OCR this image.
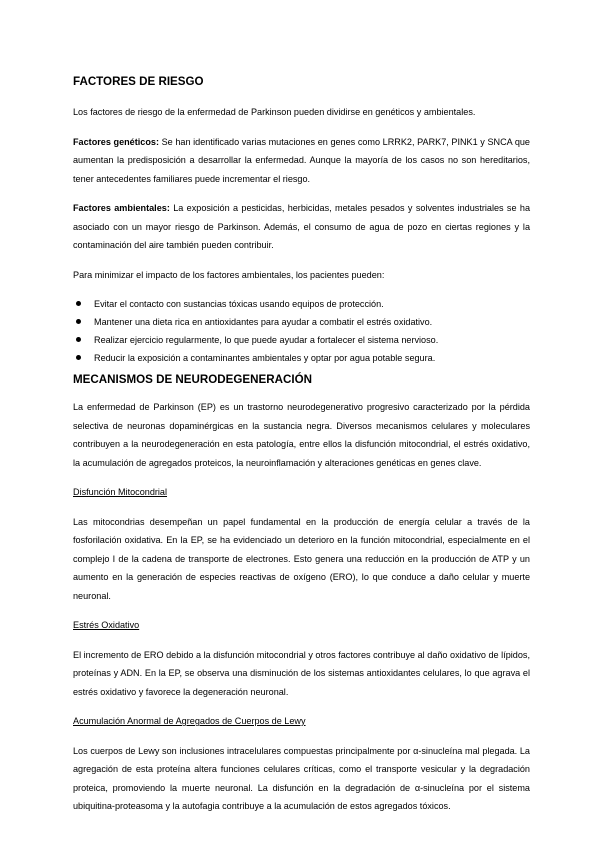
FACTORES DE RIESGO

Los factores de riesgo de la enfermedad de Parkinson pueden dividirse en genéticos y ambientales.

Factores genéticos: Se han identificado varias mutaciones en genes como LRRK2, PARK7, PINK1 y SNCA que aumentan la predisposición a desarrollar la enfermedad. Aunque la mayoría de los casos no son hereditarios, tener antecedentes familiares puede incrementar el riesgo.

Factores ambientales: La exposición a pesticidas, herbicidas, metales pesados y solventes industriales se ha asociado con un mayor riesgo de Parkinson. Además, el consumo de agua de pozo en ciertas regiones y la contaminación del aire también pueden contribuir.

Para minimizar el impacto de los factores ambientales, los pacientes pueden:

Evitar el contacto con sustancias tóxicas usando equipos de protección.
Mantener una dieta rica en antioxidantes para ayudar a combatir el estrés oxidativo.
Realizar ejercicio regularmente, lo que puede ayudar a fortalecer el sistema nervioso.
Reducir la exposición a contaminantes ambientales y optar por agua potable segura.
MECANISMOS DE NEURODEGENERACIÓN

La enfermedad de Parkinson (EP) es un trastorno neurodegenerativo progresivo caracterizado por la pérdida selectiva de neuronas dopaminérgicas en la sustancia negra. Diversos mecanismos celulares y moleculares contribuyen a la neurodegeneración en esta patología, entre ellos la disfunción mitocondrial, el estrés oxidativo, la acumulación de agregados proteicos, la neuroinflamación y alteraciones genéticas en genes clave.

Disfunción Mitocondrial

Las mitocondrias desempeñan un papel fundamental en la producción de energía celular a través de la fosforilación oxidativa. En la EP, se ha evidenciado un deterioro en la función mitocondrial, especialmente en el complejo I de la cadena de transporte de electrones. Esto genera una reducción en la producción de ATP y un aumento en la generación de especies reactivas de oxígeno (ERO), lo que conduce a daño celular y muerte neuronal.

Estrés Oxidativo

El incremento de ERO debido a la disfunción mitocondrial y otros factores contribuye al daño oxidativo de lípidos, proteínas y ADN. En la EP, se observa una disminución de los sistemas antioxidantes celulares, lo que agrava el estrés oxidativo y favorece la degeneración neuronal.

Acumulación Anormal de Agregados de Cuerpos de Lewy

Los cuerpos de Lewy son inclusiones intracelulares compuestas principalmente por α-sinucleína mal plegada. La agregación de esta proteína altera funciones celulares críticas, como el transporte vesicular y la degradación proteica, promoviendo la muerte neuronal. La disfunción en la degradación de α-sinucleína por el sistema ubiquitina-proteasoma y la autofagia contribuye a la acumulación de estos agregados tóxicos.
